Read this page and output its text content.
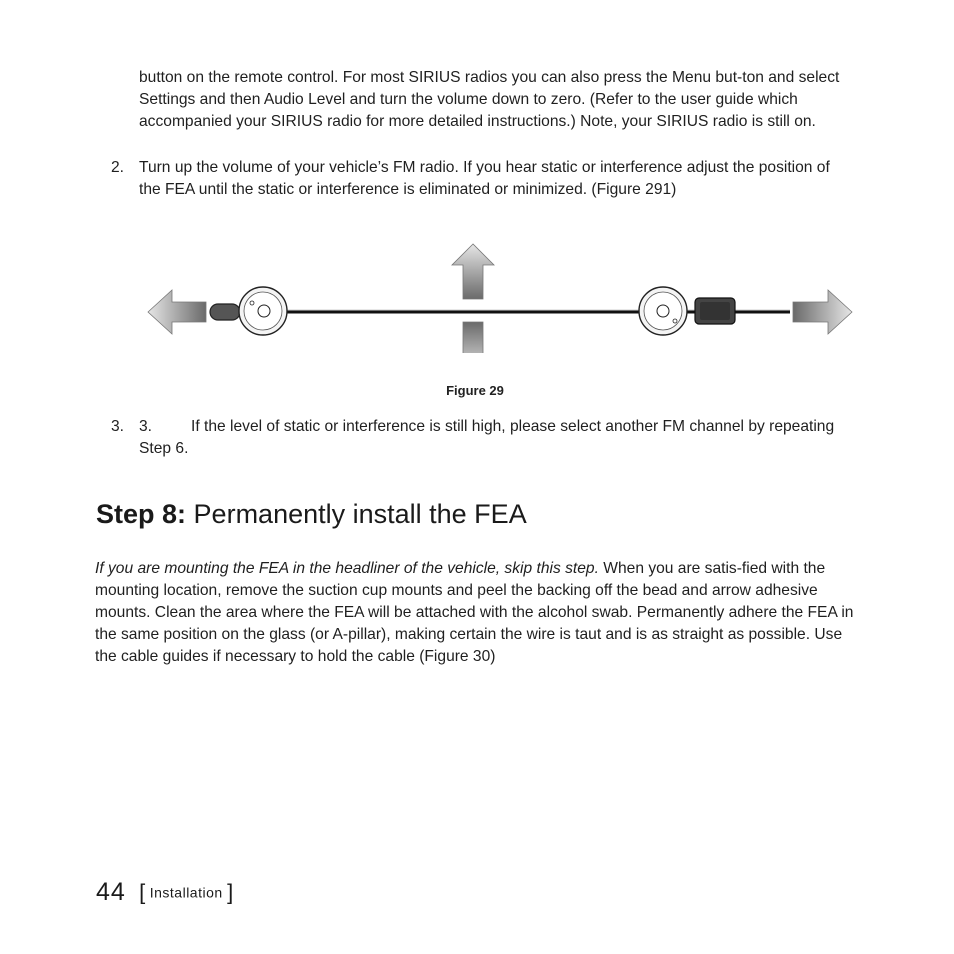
button on the remote control. For most SIRIUS radios you can also press the Menu but-ton and select Settings and then Audio Level and turn the volume down to zero. (Refer to the user guide which accompanied your SIRIUS radio for more detailed instructions.) Note, your SIRIUS radio is still on.

2. Turn up the volume of your vehicle’s FM radio. If you hear static or interference adjust the position of the FEA until the static or interference is eliminated or minimized. (Figure 291)
Figure 29
3. 3. If the level of static or interference is still high, please select another FM channel by repeating Step 6.
Step 8: Permanently install the FEA

If you are mounting the FEA in the headliner of the vehicle, skip this step. When you are satis-fied with the mounting location, remove the suction cup mounts and peel the backing off the bead and arrow adhesive mounts. Clean the area where the FEA will be attached with the alcohol swab. Permanently adhere the FEA in the same position on the glass (or A-pillar), making certain the wire is taut and is as straight as possible. Use the cable guides if necessary to hold the cable (Figure 30)

44 [ Installation ]
